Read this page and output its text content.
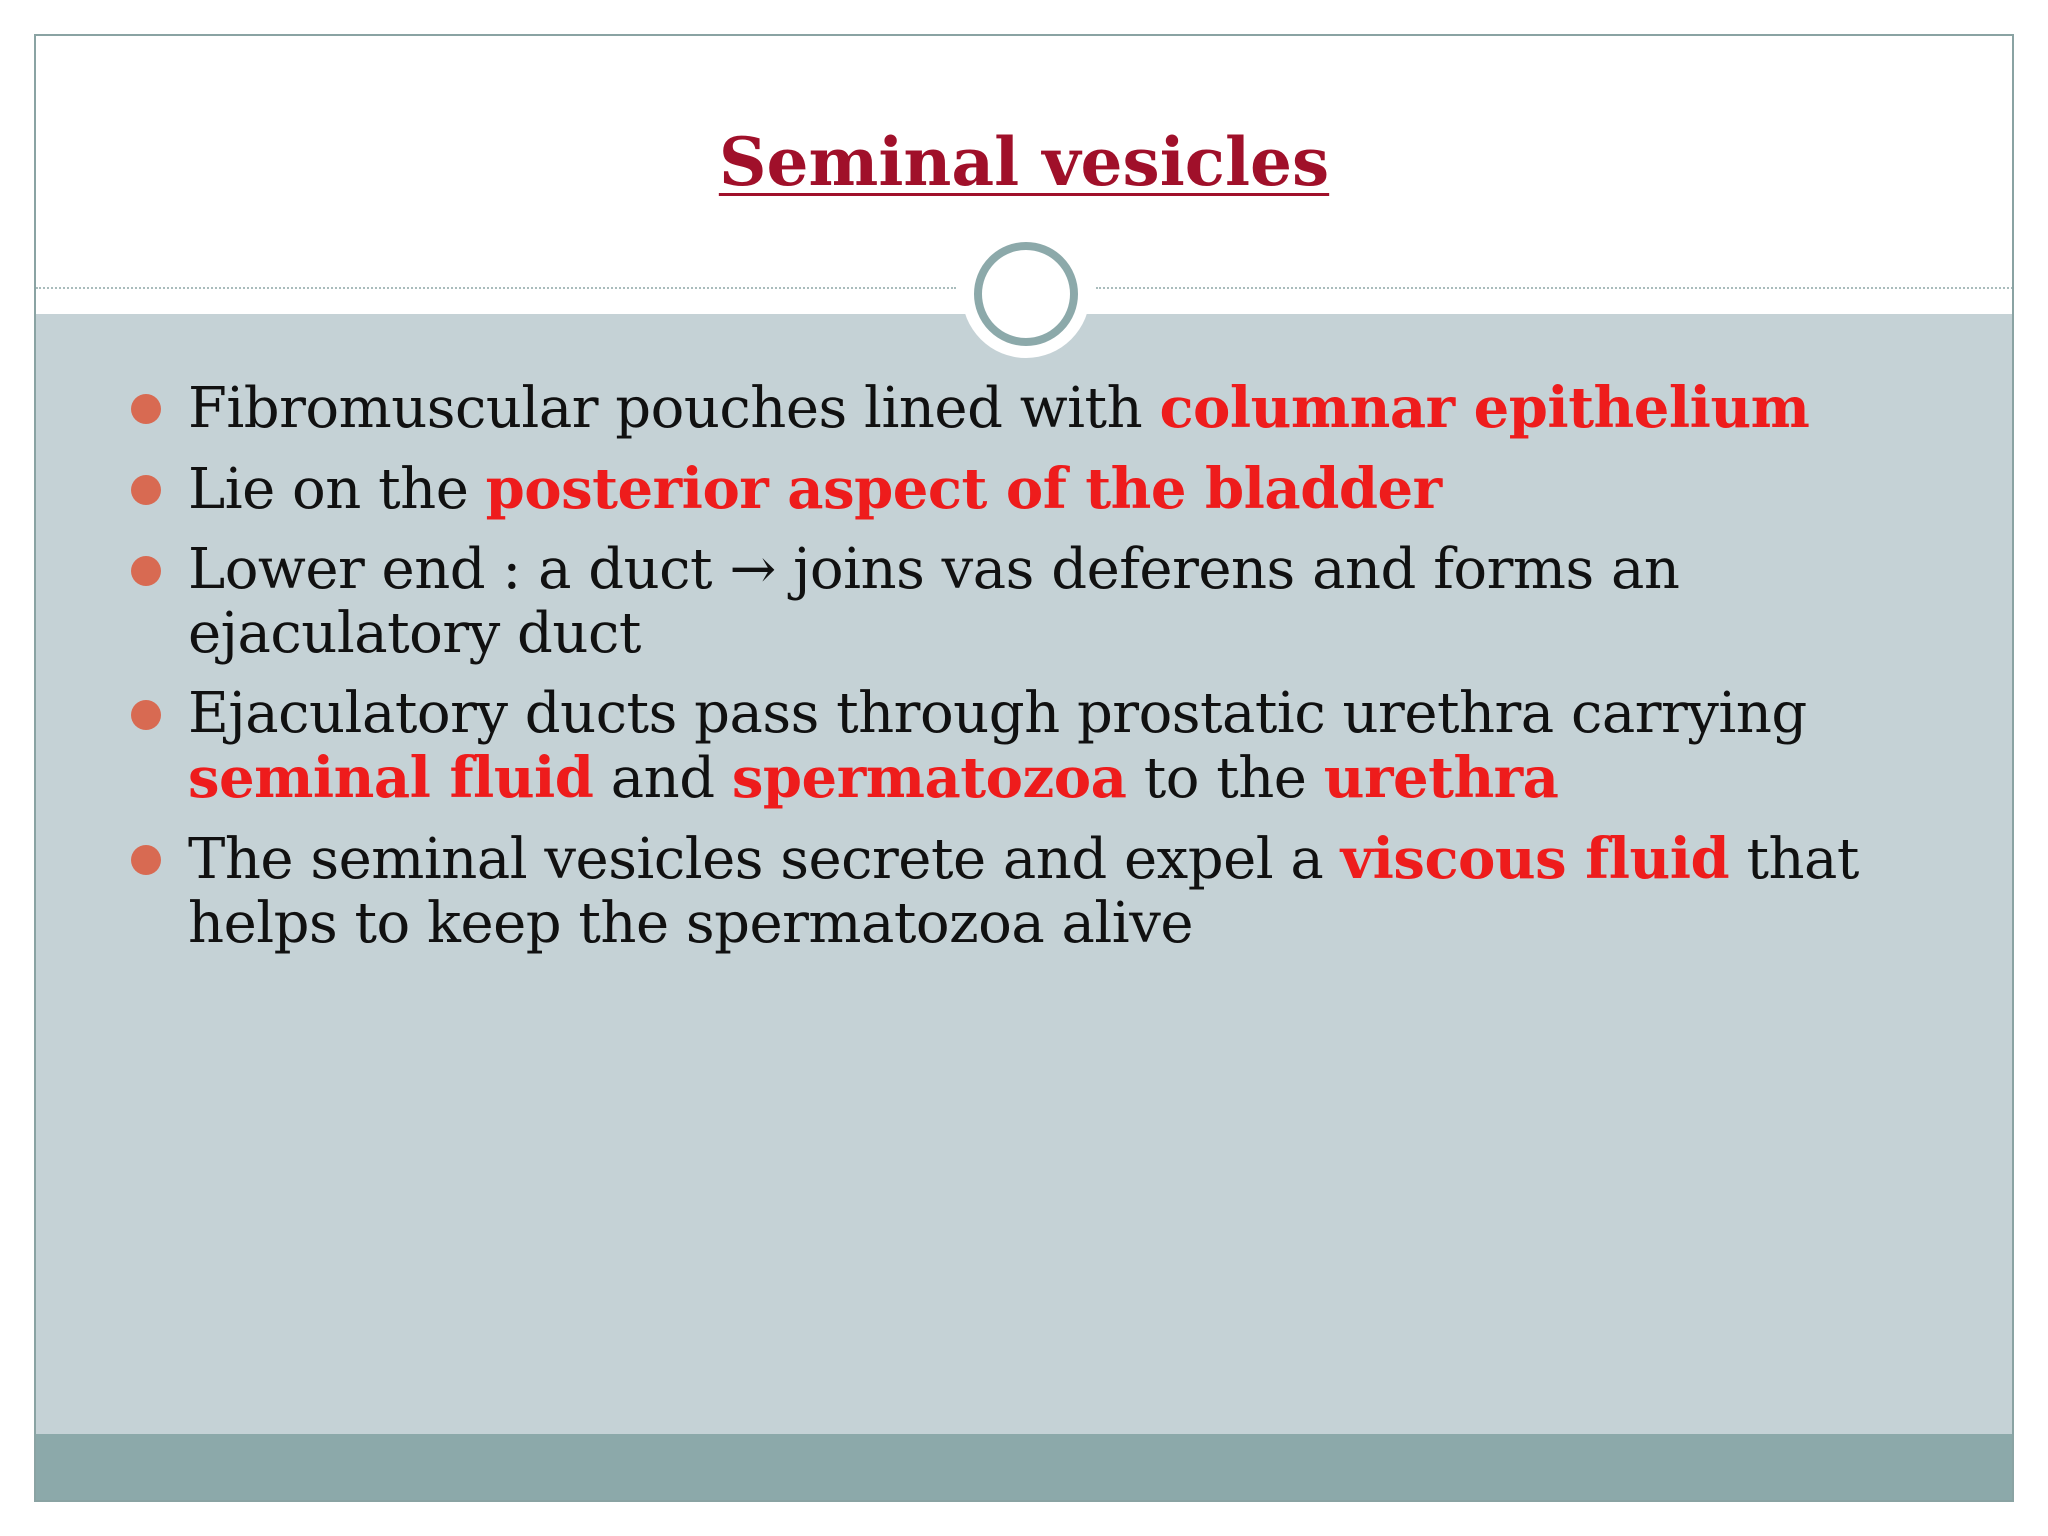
Seminal vesicles
Fibromuscular pouches lined with columnar epithelium
Lie on the posterior aspect of the bladder
Lower end : a duct → joins vas deferens and forms an ejaculatory duct
Ejaculatory ducts pass through prostatic urethra carrying seminal fluid and spermatozoa to the urethra
The seminal vesicles secrete and expel a viscous fluid that helps to keep the spermatozoa alive
